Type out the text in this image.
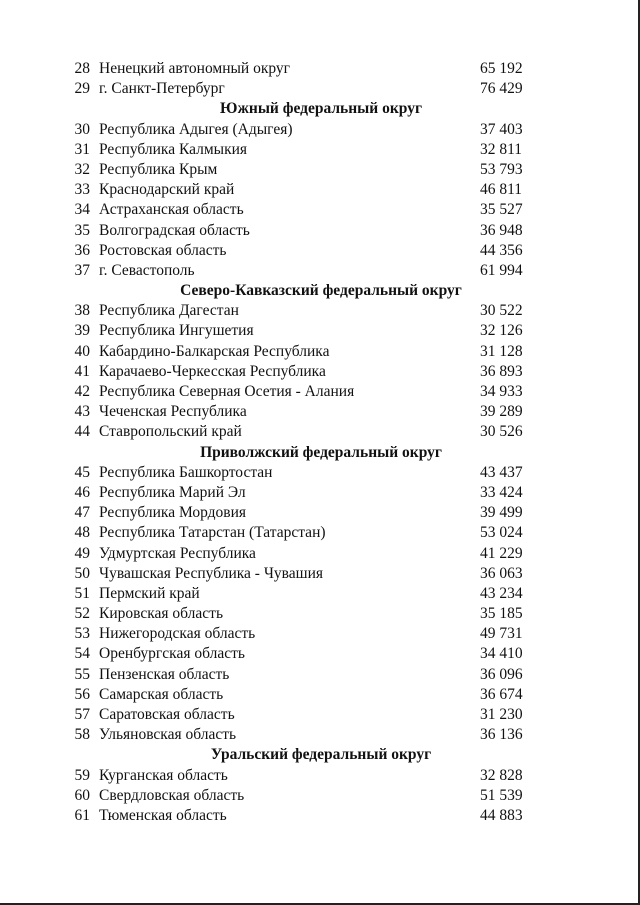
28 Ненецкий автономный округ	65 192
29 г. Санкт-Петербург	76 429
Южный федеральный округ
30 Республика Адыгея (Адыгея)	37 403
31 Республика Калмыкия	32 811
32 Республика Крым	53 793
33 Краснодарский край	46 811
34 Астраханская область	35 527
35 Волгоградская область	36 948
36 Ростовская область	44 356
37 г. Севастополь	61 994
Северо-Кавказский федеральный округ
38 Республика Дагестан	30 522
39 Республика Ингушетия	32 126
40 Кабардино-Балкарская Республика	31 128
41 Карачаево-Черкесская Республика	36 893
42 Республика Северная Осетия - Алания	34 933
43 Чеченская Республика	39 289
44 Ставропольский край	30 526
Приволжский федеральный округ
45 Республика Башкортостан	43 437
46 Республика Марий Эл	33 424
47 Республика Мордовия	39 499
48 Республика Татарстан (Татарстан)	53 024
49 Удмуртская Республика	41 229
50 Чувашская Республика - Чувашия	36 063
51 Пермский край	43 234
52 Кировская область	35 185
53 Нижегородская область	49 731
54 Оренбургская область	34 410
55 Пензенская область	36 096
56 Самарская область	36 674
57 Саратовская область	31 230
58 Ульяновская область	36 136
Уральский федеральный округ
59 Курганская область	32 828
60 Свердловская область	51 539
61 Тюменская область	44 883
